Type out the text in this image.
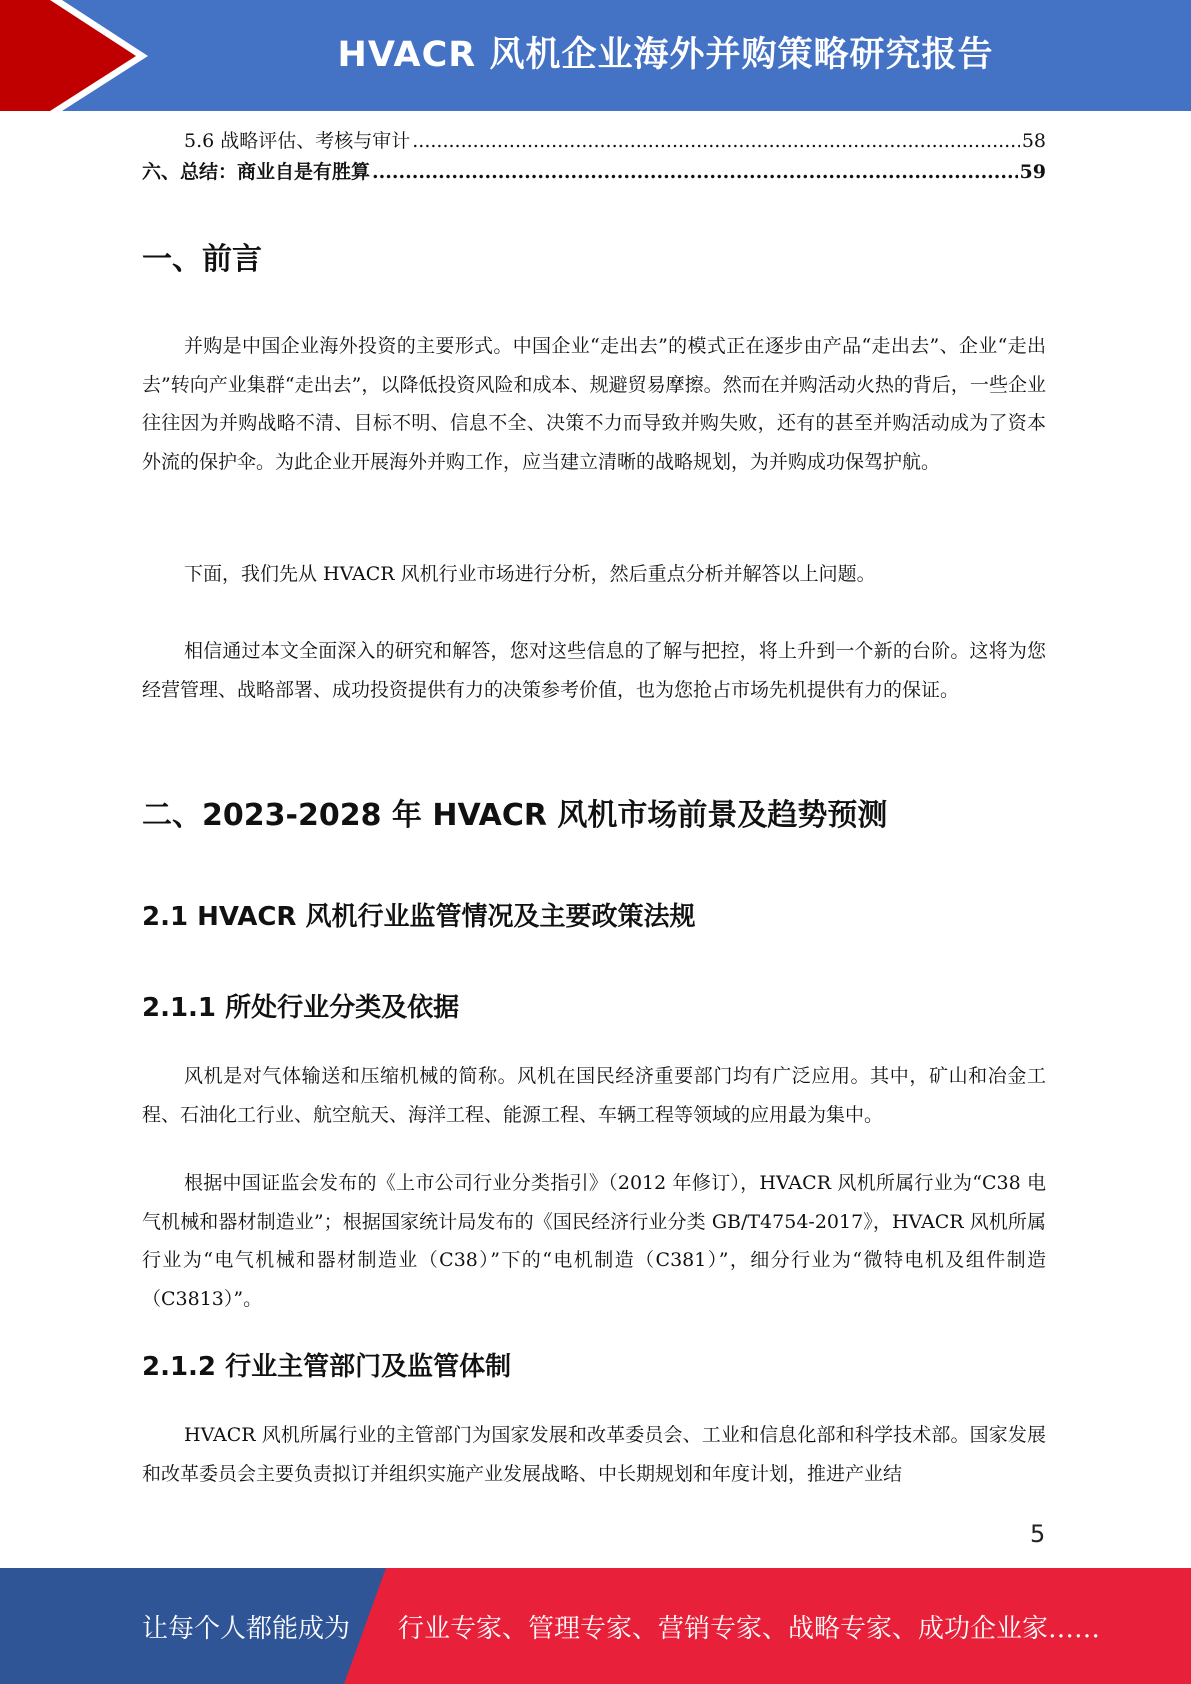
HVACR 风机企业海外并购策略研究报告
5.6 战略评估、考核与审计 .....	58
六、总结：商业自是有胜算 .....	59
一、前言

并购是中国企业海外投资的主要形式。中国企业“走出去”的模式正在逐步由产品“走出去”、企业“走出去”转向产业集群“走出去”，以降低投资风险和成本、规避贸易摩擦。然而在并购活动火热的背后，一些企业往往因为并购战略不清、目标不明、信息不全、决策不力而导致并购失败，还有的甚至并购活动成为了资本外流的保护伞。为此企业开展海外并购工作，应当建立清晰的战略规划，为并购成功保驾护航。

下面，我们先从 HVACR 风机行业市场进行分析，然后重点分析并解答以上问题。

相信通过本文全面深入的研究和解答，您对这些信息的了解与把控，将上升到一个新的台阶。这将为您经营管理、战略部署、成功投资提供有力的决策参考价值，也为您抢占市场先机提供有力的保证。

二、2023-2028 年 HVACR 风机市场前景及趋势预测
2.1 HVACR 风机行业监管情况及主要政策法规
2.1.1 所处行业分类及依据

风机是对气体输送和压缩机械的简称。风机在国民经济重要部门均有广泛应用。其中，矿山和冶金工程、石油化工行业、航空航天、海洋工程、能源工程、车辆工程等领域的应用最为集中。

根据中国证监会发布的《上市公司行业分类指引》（2012 年修订），HVACR 风机所属行业为“C38 电气机械和器材制造业”；根据国家统计局发布的《国民经济行业分类 GB/T4754-2017》，HVACR 风机所属行业为“电气机械和器材制造业（C38）”下的“电机制造（C381）”，细分行业为“微特电机及组件制造（C3813）”。

2.1.2 行业主管部门及监管体制

HVACR 风机所属行业的主管部门为国家发展和改革委员会、工业和信息化部和科学技术部。国家发展和改革委员会主要负责拟订并组织实施产业发展战略、中长期规划和年度计划，推进产业结

5
让每个人都能成为 行业专家、管理专家、营销专家、战略专家、成功企业家……
